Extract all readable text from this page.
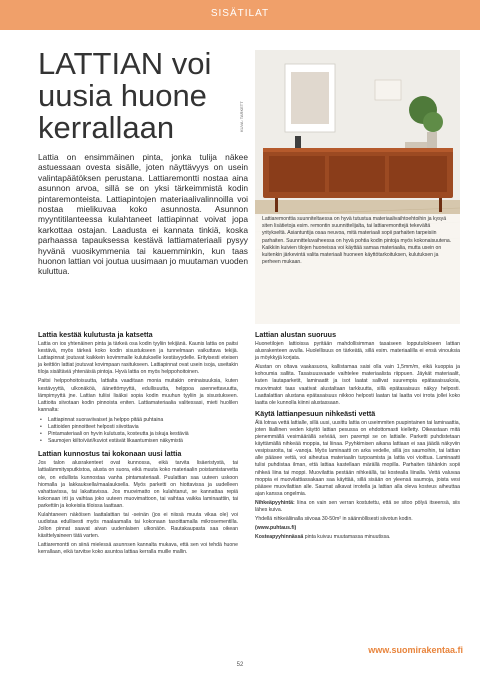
SISÄTILAT
LATTIAN voi
uusia huone
kerrallaan	KUVA: TARKETT
Lattia on ensimmäinen pinta, jonka tulija näkee astuessaan ovesta sisälle, joten näyttävyys on usein valintapäätöksen perustana. Lattiaremontti nostaa aina asunnon arvoa, sillä se on yksi tärkeimmistä kodin pintaremonteista. Lattiapintojen materiaalivalinnoilla voi nostaa mielikuvaa koko asunnosta. Asunnon myyntitilanteessa kulahtaneet lattiapinnat voivat jopa karkottaa ostajan. Laadusta ei kannata tinkiä, koska parhaassa tapauksessa kestävä lattiamateriaali pysyy hyvänä vuosikymmenia tai kauemminkin, kun taas huonon lattian voi joutua uusimaan jo muutaman vuoden kuluttua.
Lattiaremonttia suunniteltaessa on hyvä tutustua materiaalivaihtoehtoihin ja kysyä siten lisätietoja esim. remontin suunnittelijalta, tai lattiaremonttejä tekevältä yritykseltä. Asiantuntija osaa neuvoa, mitä materiaali sopii parhaiten tarpeisiin parhaiten. Suunnitteluvaiheessa on hyvä pohtia kodin pintoja myös kokonaisuutena. Kaikkiin kuivien tilojen huoneissa voi käyttää samaa materiaalia, mutta usein on kuitenkin järkevintä valita materiaali huoneen käyttötarkoituksen, kulutuksen ja perheen mukaan.
Lattia kestää kulutusta ja katsetta

Lattia on ios yhtenäinen pinta ja tärkeä osa kodin tyyliin tekijänä. Kaunis lattia on paitsi kestävä, myös tärkeä koko kodin sisustukseen ja tunnelmaan vaikuttava tekijä. Lattiapinnat joutuvat kaikkein kovimmalle kulutukselle kestävyydelle. Erityisesti eteisen ja keittiön lattiat joutuvat kovimpaan rasitukseen. Lattiapinnat ovat usein isoja, useitakin tiloja sisältäviä yhtenäisiä pintoja. Hyvä lattia on myös helppohoitoinen.

Paitsi helppohoitoisuutta, lattialta vaaditaan monia muitakin ominaisuuksia, kuten kestävyyttä, ulkonäköä, äänettömyyttä, edullisuutta, helppoa asennettavuutta, lämpimyyttä jne. Lattian tuliisi lisäksi sopia kodin muuhun tyyliin ja sisustukseen. Lattioita siivotaan kodin pinnoista eniten. Lattiamateriaalia valitessasi, mieti huolilen kannalta:

• Lattiapinnat suoraviivaiset ja helppo pitää puhtaina
• Lattioiden pinnoitteet helposti siivottavia
• Pintamateriaali on hyvin kulutusta, kosteutta ja iskuja kestäviä
• Saumojen kiilto/väri/kuviot estävät likaantumisen näkymistä
Lattian kunnostus tai kokonaan uusi lattia

Jos talon alusrakenteet ovat kunnossa, eikä tarvita lisäeristystä, tai lattialämmitysputkistoa, alusta on suora, eikä muuta koko materiaalin poistamistarvetta ole, on edullista kunnostaa vanha pintamateriaali. Puulattian saa uuteen uskoon hiomalla ja lakkauksella/maalauksella. Myös parketti on hiottavissa ja uudelleen vahattavissa, tai lakattavissa. Jos muovimatto on kulahtanut, se kannattaa repiä kokonaan irti ja vaihtaa joko uuteen muovimattoon, tai vaihtaa vaikka laminaattiin, tai parkettiin ja kokeisiia tiloissa laattaan.

Kulahtaneen näköisen laattalattian tai -seinän (jos ei niissä muuta vikaa ole) voi uudistaa edullisesti myös maalaamalla tai kokonaan tasoittamalla mikrosementilla. Jollon pinnat saavat aivan uudenlaisen ulkonäön. Rautakaupasta saa oikean käsittelyaineen tätä varten.

Lattiaremontti on siinä mielessä asunnsen kannalta mukava, että sen voi tehdä huone kerrallaan, eikä tarvitse koko asuntoa lattiaa kerralla muille mallin.

Lattian alustan suoruus

Huonetilojen lattioissa pyritään mahdollisimman tasaiseen lopputulokseen lattian alusrakenteen avulla. Huolellisuus on tärkeätä, sillä esim. materiaalilla ei ensä vinouksia ja möykkyjä korjata.

Alustan on oltava vaakasuora, kallistamaa saisi olla vain 1,5mm/m, eikä kuoppia ja kohoumia sallita. Tasaisuusvaade vaihtelee materiaalista riippuen. Jäykät materiaalit, kuten lautaparketit, laminaatit ja isot laatat sallivat suurempia epätasaisuuksia, muovimatot taas vaativat alustaltaan tarkkuutta, sillä epätasaisuus näkyy helposti. Laattalattian alustana epätasaisuus nikkoo helposti laatan tai laatta voi irrota jollei koko laatta ole kunnolla kiinni alustassaan.

Käytä lattianpesuun nihkeästi vettä

Älä lotraa vettä lattialle, sillä uusi, uusittu lattia on useimmiten puupintainen tai laminaattia, joten liiallinen veden käyttö lattian pesussa on ehdottomasti kielletty. Oikeastaan mitä pienemmällä vesimäärällä selviää, sen parempi se on lattialle. Parketti puhdistetaan käyttämällä nihkeää moppia, tai liinaa. Pyyhkimisen aikana lattiaan ei saa jäädä näkyviin vesipisaroita, tai -vanoja. Myös laminaatti on arka vedelle, sillä jos saumoihin, tai lattian alle pääsee vettä, voi aiheutua materiaalin turpoamista ja lattia voi vioittua. Laminaatti tulisi puhdistaa ilman, että lattiaa kastellaan märällä mopilla. Parhaiten tähänkin sopii nihkeä liina tai moppi. Muovilattia pestään nihkeällä, tai kostealla liinalla. Vettä valuvaa moppia ei muovilattiassakaan saa käyttää, sillä sisään on yleensä saumoja, joista vesi pääsee muovilattian alle. Saumat alkavat irrotella ja lattian alla oleva kosteus aiheuttaa ajan kanssa ongelmia.

Nihkeäpyyhintä: liina on vain sen verran kostutettu, että se sitoo pölyä itseensä, siis lähes kuiva.

Yhdellä nihkeäliinalla siivoaa 30-50m² in säännöllisesti siivotun kodin.

(www.puhtaus.fi)

Kosteapyyhinnässä pinta kuivuu muutamassa minuutissa.

www.suomirakentaa.fi
52
